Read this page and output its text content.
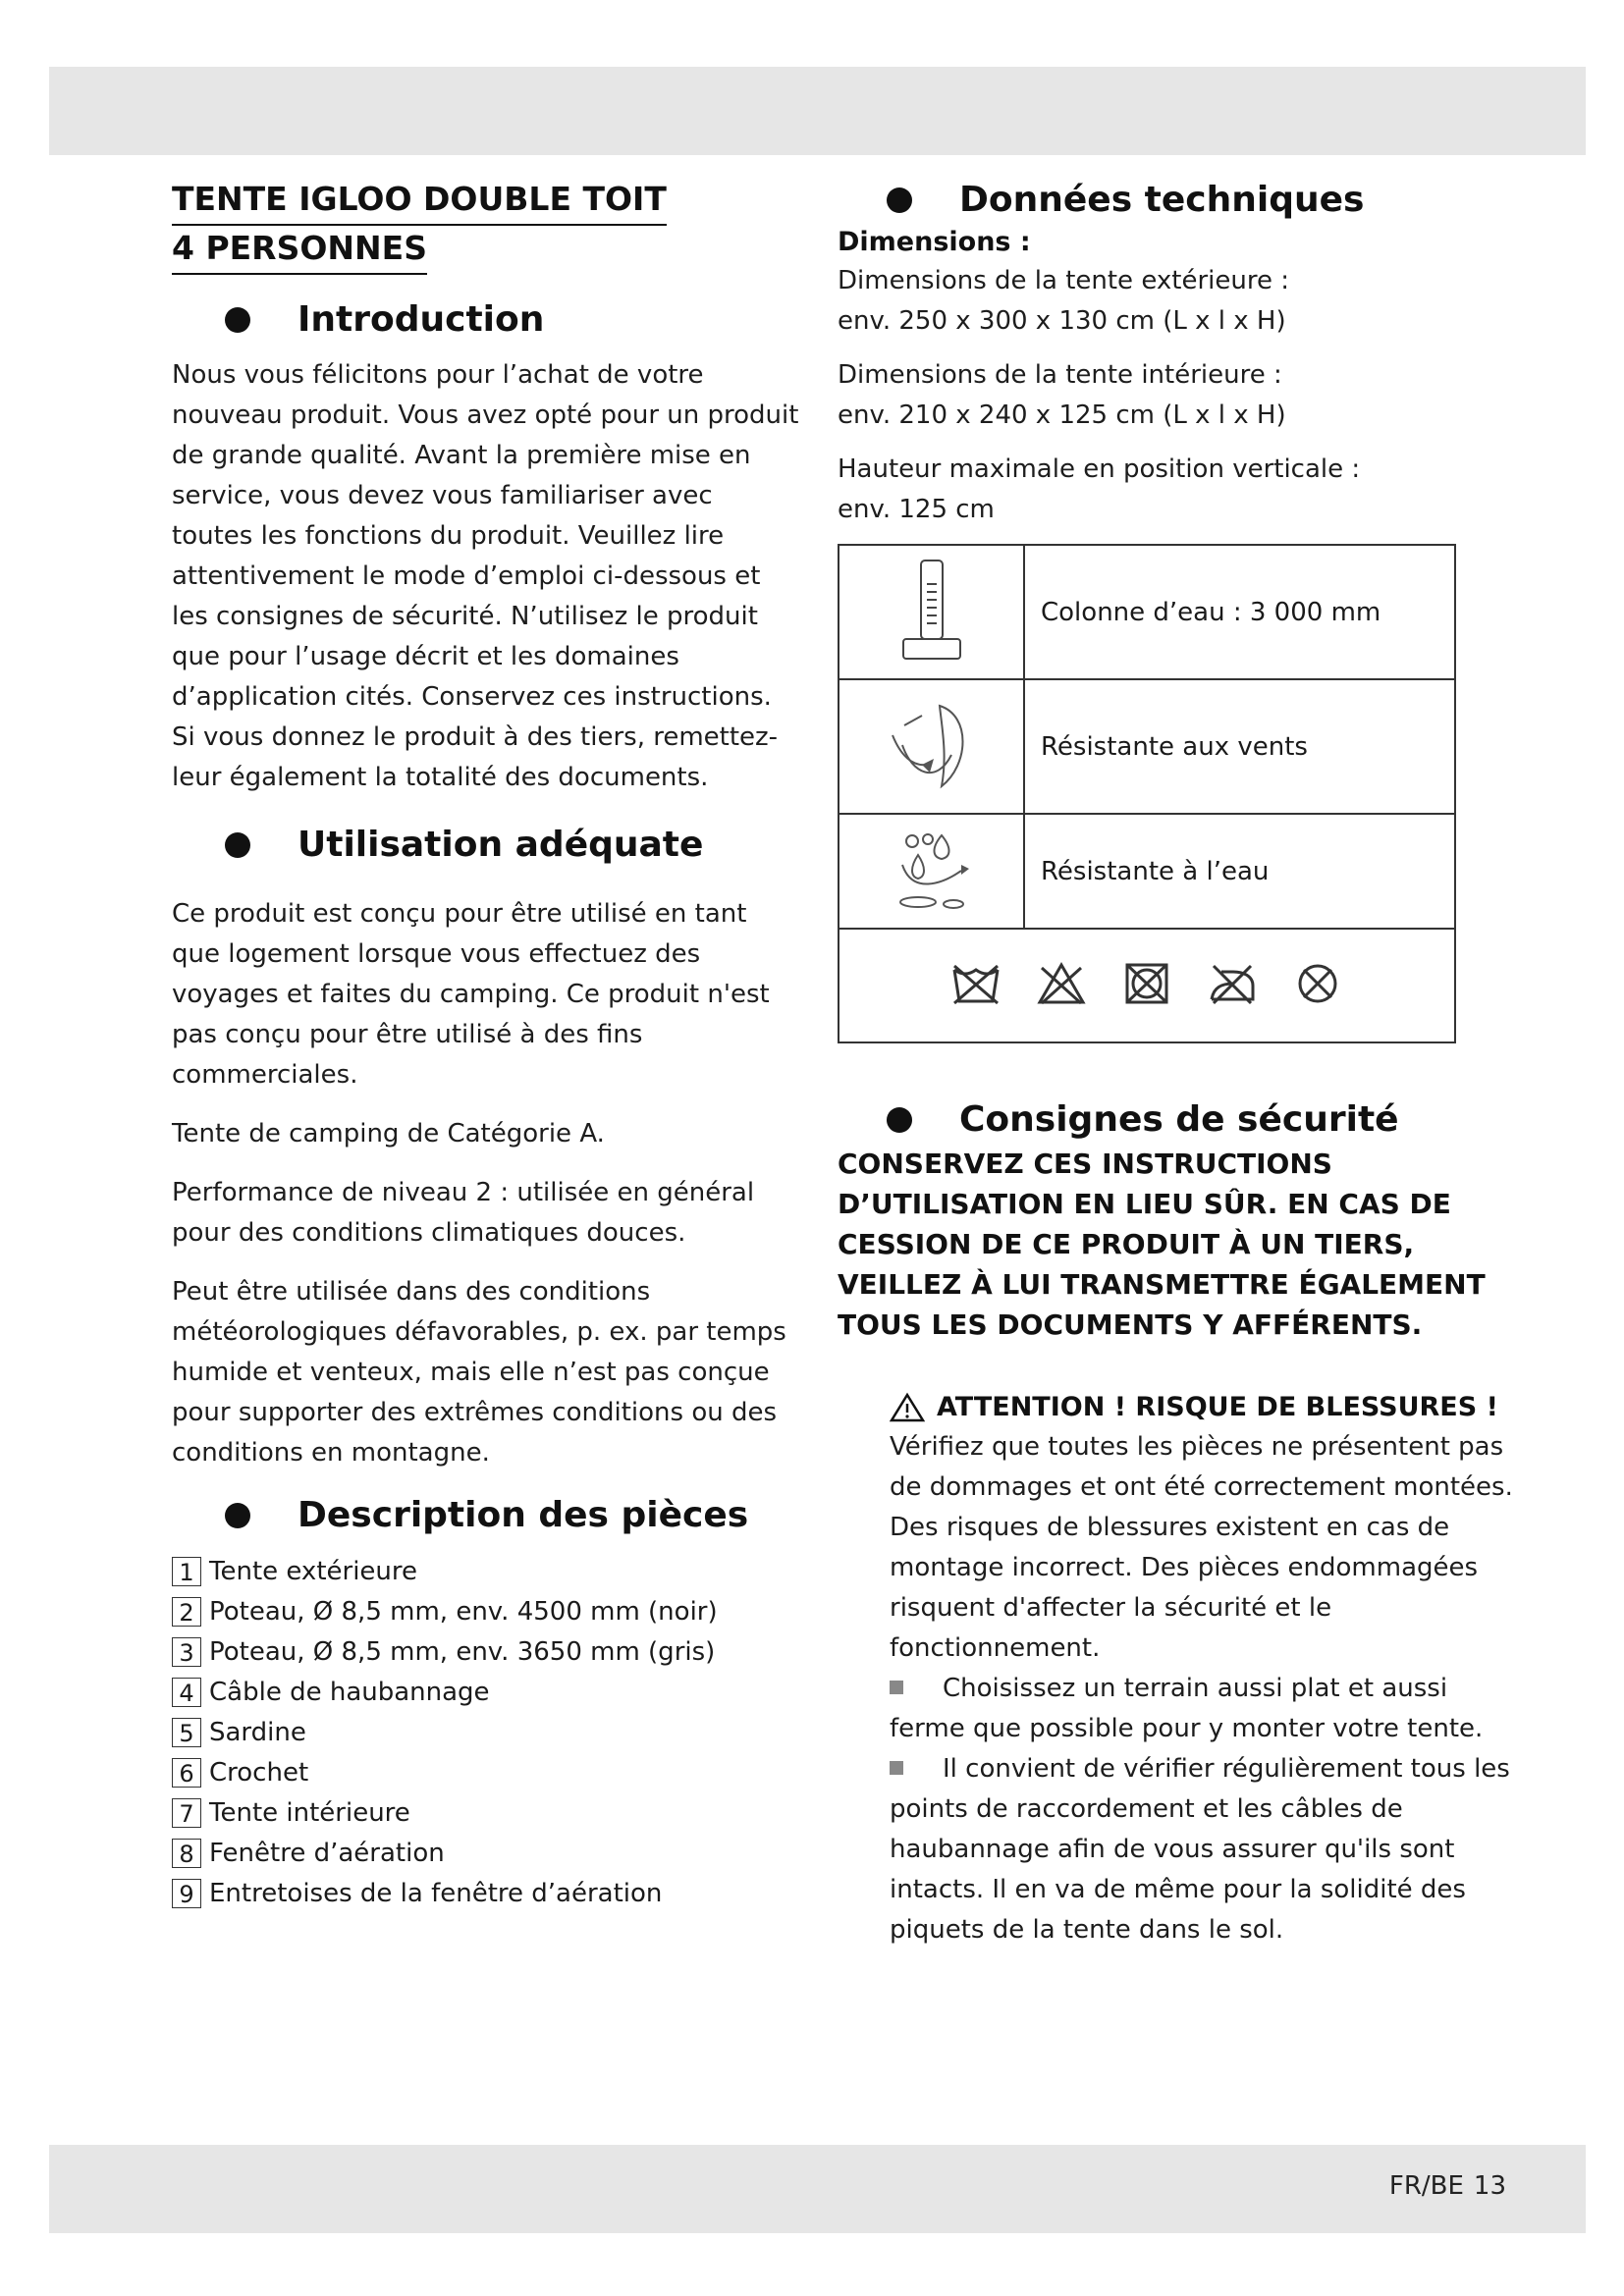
TENTE IGLOO DOUBLE TOIT
4 PERSONNES
Introduction

Nous vous félicitons pour l’achat de votre nouveau produit. Vous avez opté pour un produit de grande qualité. Avant la première mise en service, vous devez vous familiariser avec toutes les fonctions du produit. Veuillez lire attentivement le mode d’emploi ci-dessous et les consignes de sécurité. N’utilisez le produit que pour l’usage décrit et les domaines d’application cités. Conservez ces instructions. Si vous donnez le produit à des tiers, remettez-leur également la totalité des documents.

Utilisation adéquate

Ce produit est conçu pour être utilisé en tant que logement lorsque vous effectuez des voyages et faites du camping. Ce produit n'est pas conçu pour être utilisé à des fins commerciales.

Tente de camping de Catégorie A.

Performance de niveau 2 : utilisée en général pour des conditions climatiques douces.

Peut être utilisée dans des conditions météorologiques défavorables, p. ex. par temps humide et venteux, mais elle n’est pas conçue pour supporter des extrêmes conditions ou des conditions en montagne.

Description des pièces
1 Tente extérieure
2 Poteau, Ø 8,5 mm, env. 4500 mm (noir)
3 Poteau, Ø 8,5 mm, env. 3650 mm (gris)
4 Câble de haubannage
5 Sardine
6 Crochet
7 Tente intérieure
8 Fenêtre d’aération
9 Entretoises de la fenêtre d’aération
Données techniques

Dimensions :

Dimensions de la tente extérieure :

env. 250 x 300 x 130 cm (L x l x H)

Dimensions de la tente intérieure :

env. 210 x 240 x 125 cm (L x l x H)

Hauteur maximale en position verticale :

env. 125 cm

	Colonne d’eau : 3 000 mm
	Résistante aux vents
	Résistante à l’eau

Consignes de sécurité

CONSERVEZ CES INSTRUCTIONS

D’UTILISATION EN LIEU SÛR. EN CAS DE

CESSION DE CE PRODUIT À UN TIERS,

VEILLEZ À LUI TRANSMETTRE ÉGALEMENT

TOUS LES DOCUMENTS Y AFFÉRENTS.

ATTENTION ! RISQUE DE BLESSURES !

Vérifiez que toutes les pièces ne présentent pas de dommages et ont été correctement montées. Des risques de blessures existent en cas de montage incorrect. Des pièces endommagées risquent d'affecter la sécurité et le fonctionnement.

Choisissez un terrain aussi plat et aussi ferme que possible pour y monter votre tente.

Il convient de vérifier régulièrement tous les points de raccordement et les câbles de haubannage afin de vous assurer qu'ils sont intacts. Il en va de même pour la solidité des piquets de la tente dans le sol.

FR/BE 13
